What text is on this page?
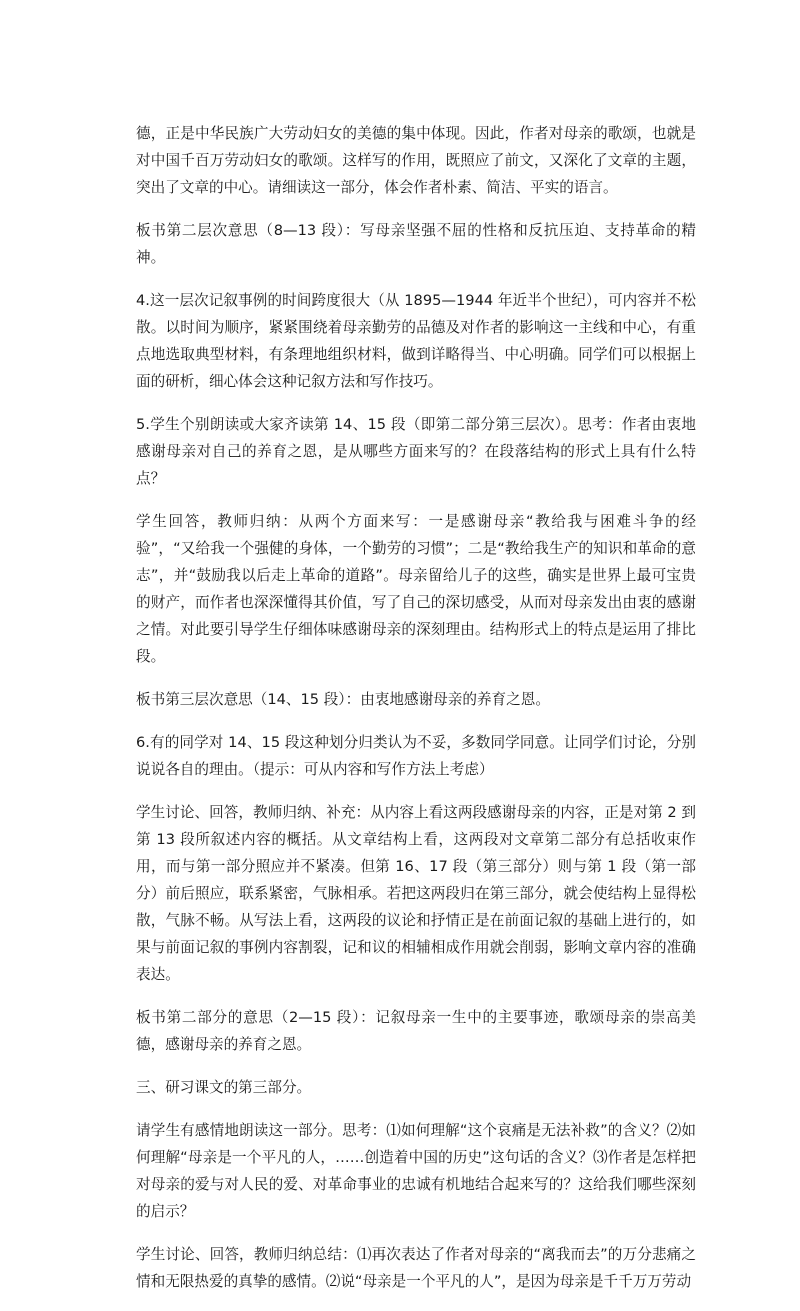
德，正是中华民族广大劳动妇女的美德的集中体现。因此，作者对母亲的歌颂，也就是对中国千百万劳动妇女的歌颂。这样写的作用，既照应了前文，又深化了文章的主题，突出了文章的中心。请细读这一部分，体会作者朴素、简洁、平实的语言。

板书第二层次意思（8—13 段）：写母亲坚强不屈的性格和反抗压迫、支持革命的精神。

4.这一层次记叙事例的时间跨度很大（从 1895—1944 年近半个世纪），可内容并不松散。以时间为顺序，紧紧围绕着母亲勤劳的品德及对作者的影响这一主线和中心，有重点地选取典型材料，有条理地组织材料，做到详略得当、中心明确。同学们可以根据上面的研析，细心体会这种记叙方法和写作技巧。

5.学生个别朗读或大家齐读第 14、15 段（即第二部分第三层次）。思考：作者由衷地感谢母亲对自己的养育之恩，是从哪些方面来写的？在段落结构的形式上具有什么特点？

学生回答，教师归纳：从两个方面来写：一是感谢母亲“教给我与困难斗争的经验”，“又给我一个强健的身体，一个勤劳的习惯”；二是“教给我生产的知识和革命的意志”，并“鼓励我以后走上革命的道路”。母亲留给儿子的这些，确实是世界上最可宝贵的财产，而作者也深深懂得其价值，写了自己的深切感受，从而对母亲发出由衷的感谢之情。对此要引导学生仔细体味感谢母亲的深刻理由。结构形式上的特点是运用了排比段。

板书第三层次意思（14、15 段）：由衷地感谢母亲的养育之恩。

6.有的同学对 14、15 段这种划分归类认为不妥，多数同学同意。让同学们讨论，分别说说各自的理由。（提示：可从内容和写作方法上考虑）

学生讨论、回答，教师归纳、补充：从内容上看这两段感谢母亲的内容，正是对第 2 到第 13 段所叙述内容的概括。从文章结构上看，这两段对文章第二部分有总括收束作用，而与第一部分照应并不紧凑。但第 16、17 段（第三部分）则与第 1 段（第一部分）前后照应，联系紧密，气脉相承。若把这两段归在第三部分，就会使结构上显得松散，气脉不畅。从写法上看，这两段的议论和抒情正是在前面记叙的基础上进行的，如果与前面记叙的事例内容割裂，记和议的相辅相成作用就会削弱，影响文章内容的准确表达。

板书第二部分的意思（2—15 段）：记叙母亲一生中的主要事迹，歌颂母亲的崇高美德，感谢母亲的养育之恩。

三、研习课文的第三部分。

请学生有感情地朗读这一部分。思考：⑴如何理解“这个哀痛是无法补救”的含义？⑵如何理解“母亲是一个平凡的人，……创造着中国的历史”这句话的含义？⑶作者是怎样把对母亲的爱与对人民的爱、对革命事业的忠诚有机地结合起来写的？这给我们哪些深刻的启示？

学生讨论、回答，教师归纳总结：⑴再次表达了作者对母亲的“离我而去”的万分悲痛之情和无限热爱的真挚的感情。⑵说“母亲是一个平凡的人”，是因为母亲是千千万万劳动
